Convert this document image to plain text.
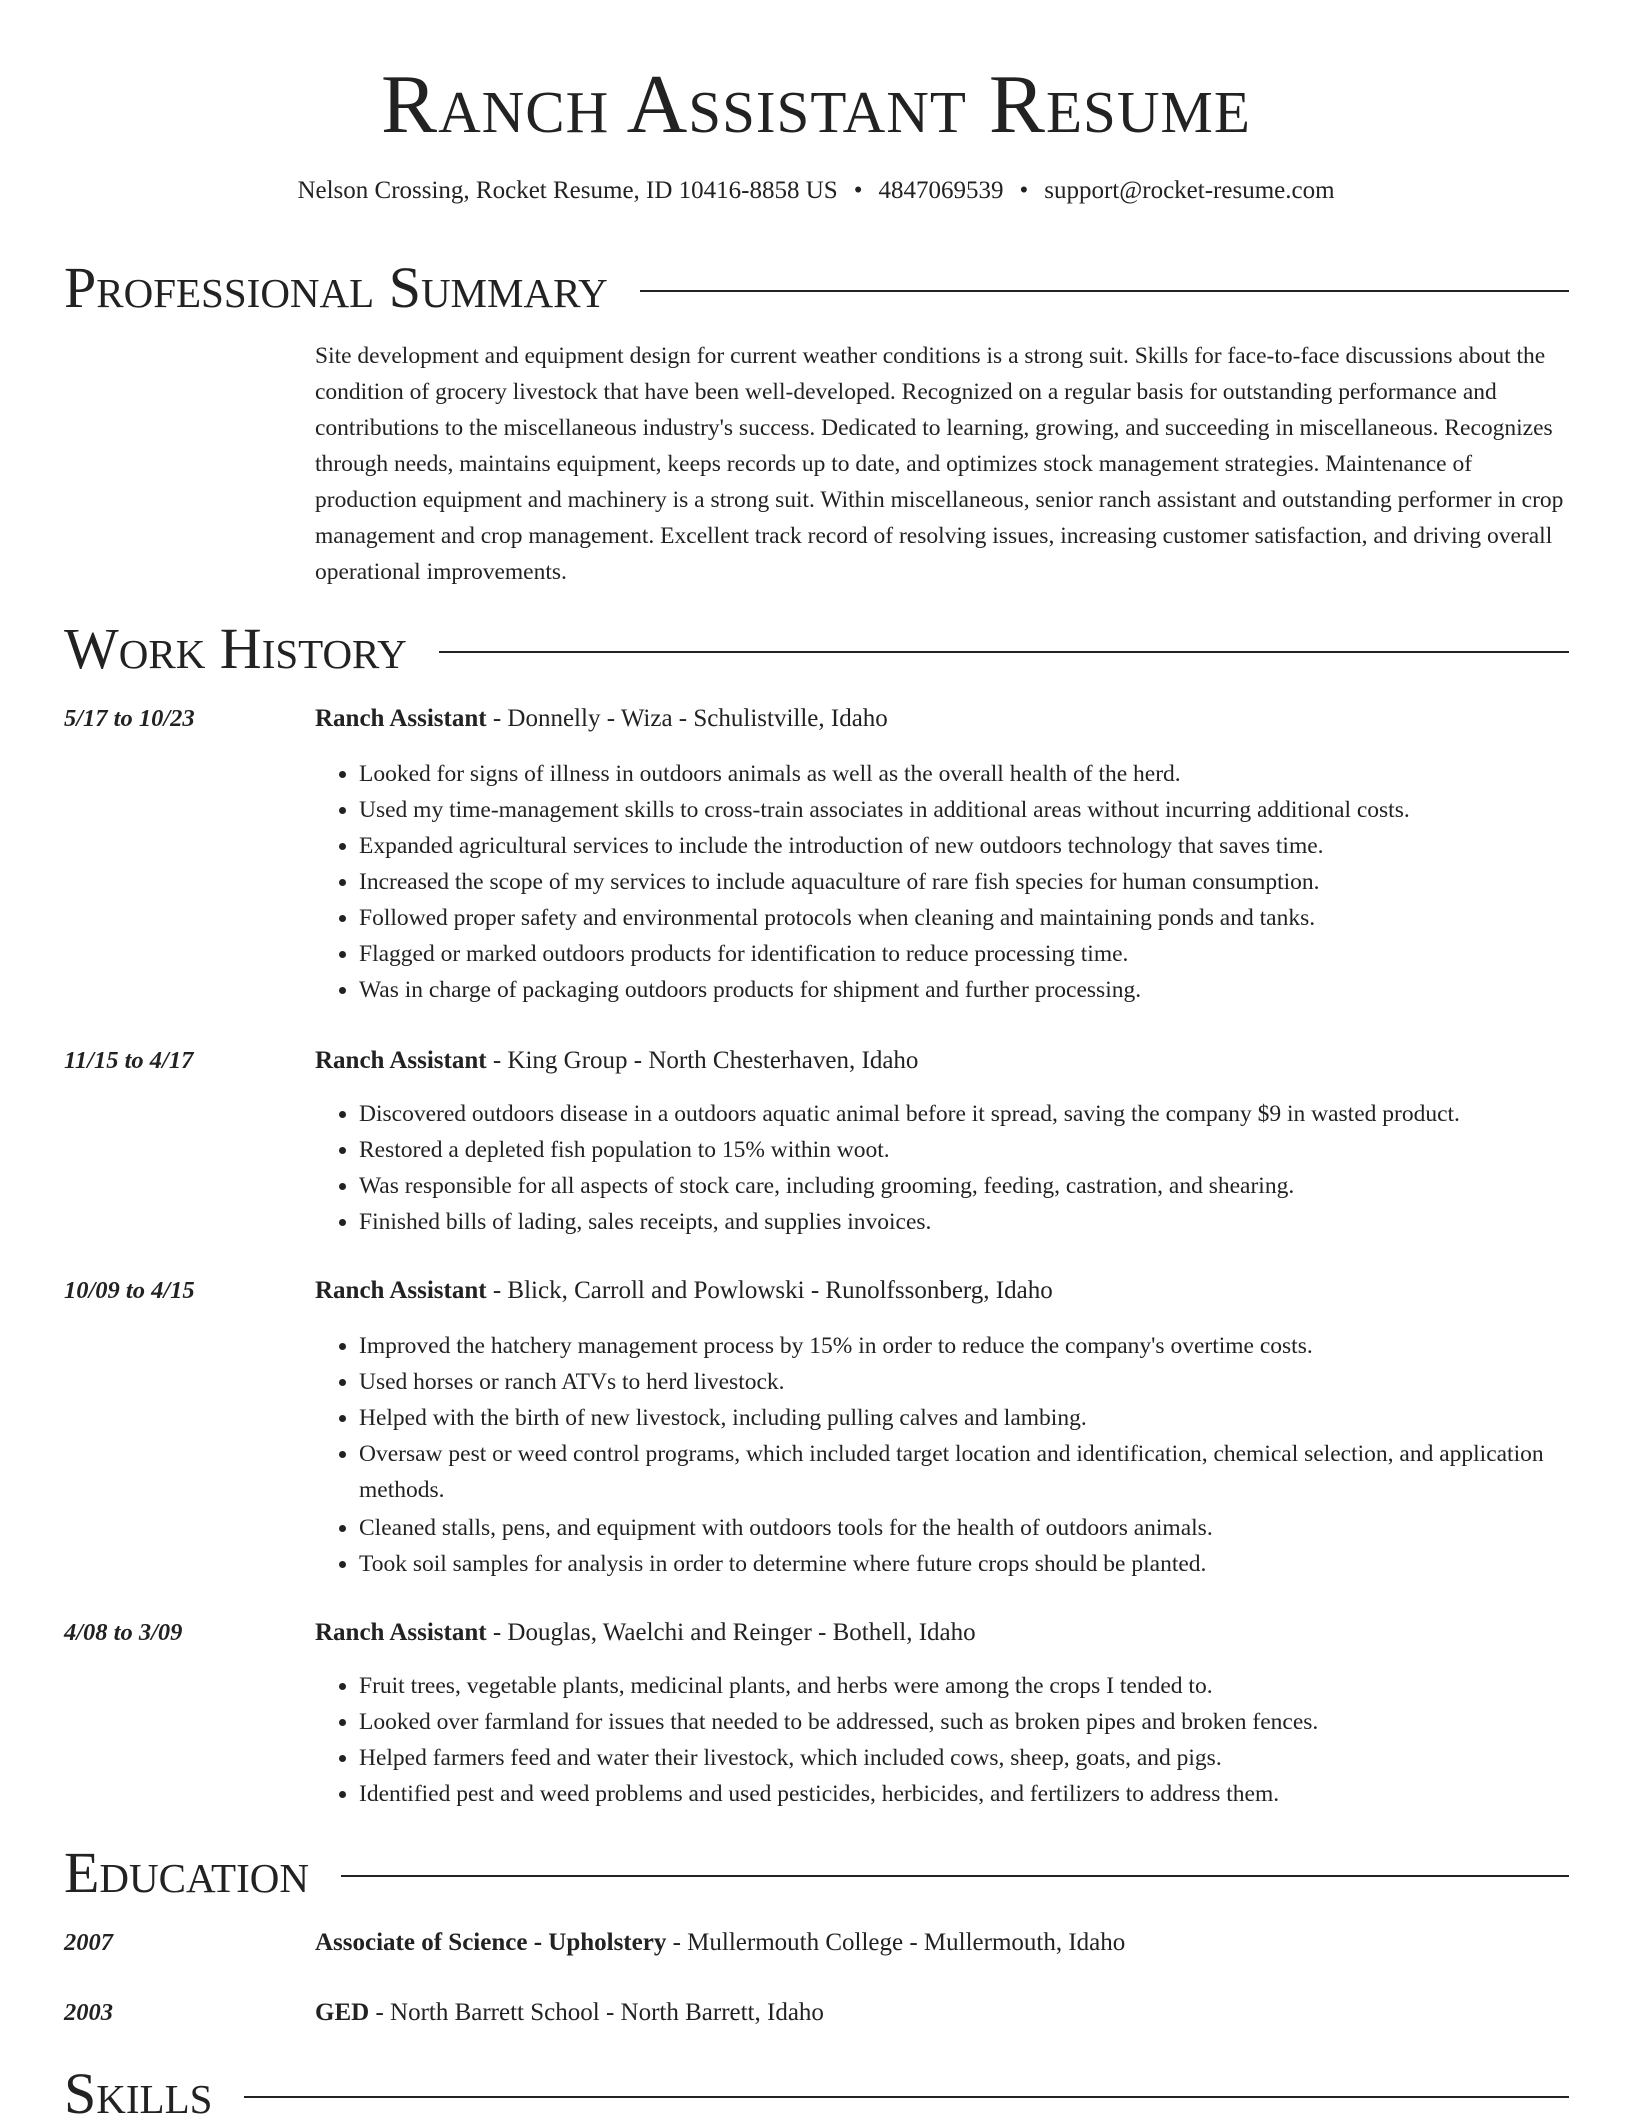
Ranch Assistant Resume
Nelson Crossing, Rocket Resume, ID 10416-8858 US • 4847069539 • support@rocket-resume.com
Professional Summary
Site development and equipment design for current weather conditions is a strong suit. Skills for face-to-face discussions about the condition of grocery livestock that have been well-developed. Recognized on a regular basis for outstanding performance and contributions to the miscellaneous industry's success. Dedicated to learning, growing, and succeeding in miscellaneous. Recognizes through needs, maintains equipment, keeps records up to date, and optimizes stock management strategies. Maintenance of production equipment and machinery is a strong suit. Within miscellaneous, senior ranch assistant and outstanding performer in crop management and crop management. Excellent track record of resolving issues, increasing customer satisfaction, and driving overall operational improvements.
Work History
5/17 to 10/23	Ranch Assistant - Donnelly - Wiza - Schulistville, Idaho
• Looked for signs of illness in outdoors animals as well as the overall health of the herd.
• Used my time-management skills to cross-train associates in additional areas without incurring additional costs.
• Expanded agricultural services to include the introduction of new outdoors technology that saves time.
• Increased the scope of my services to include aquaculture of rare fish species for human consumption.
• Followed proper safety and environmental protocols when cleaning and maintaining ponds and tanks.
• Flagged or marked outdoors products for identification to reduce processing time.
• Was in charge of packaging outdoors products for shipment and further processing.
11/15 to 4/17	Ranch Assistant - King Group - North Chesterhaven, Idaho
• Discovered outdoors disease in a outdoors aquatic animal before it spread, saving the company $9 in wasted product.
• Restored a depleted fish population to 15% within woot.
• Was responsible for all aspects of stock care, including grooming, feeding, castration, and shearing.
• Finished bills of lading, sales receipts, and supplies invoices.
10/09 to 4/15	Ranch Assistant - Blick, Carroll and Powlowski - Runolfssonberg, Idaho
• Improved the hatchery management process by 15% in order to reduce the company's overtime costs.
• Used horses or ranch ATVs to herd livestock.
• Helped with the birth of new livestock, including pulling calves and lambing.
• Oversaw pest or weed control programs, which included target location and identification, chemical selection, and application methods.
• Cleaned stalls, pens, and equipment with outdoors tools for the health of outdoors animals.
• Took soil samples for analysis in order to determine where future crops should be planted.
4/08 to 3/09	Ranch Assistant - Douglas, Waelchi and Reinger - Bothell, Idaho
• Fruit trees, vegetable plants, medicinal plants, and herbs were among the crops I tended to.
• Looked over farmland for issues that needed to be addressed, such as broken pipes and broken fences.
• Helped farmers feed and water their livestock, which included cows, sheep, goats, and pigs.
• Identified pest and weed problems and used pesticides, herbicides, and fertilizers to address them.
Education
2007	Associate of Science - Upholstery - Mullermouth College - Mullermouth, Idaho
2003	GED - North Barrett School - North Barrett, Idaho
Skills
